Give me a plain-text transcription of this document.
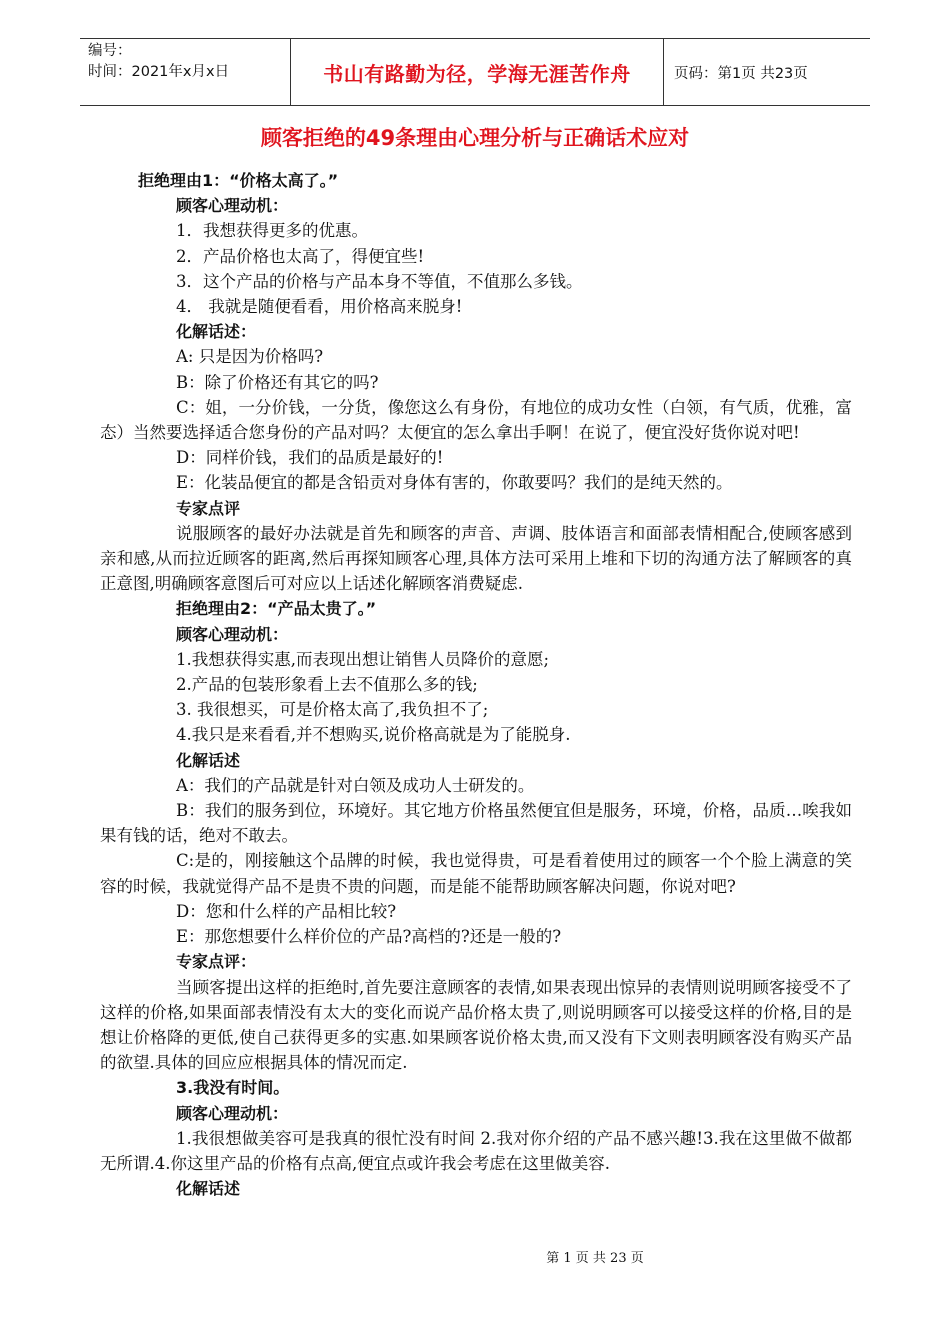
编号：
时间：2021年x月x日	书山有路勤为径，学海无涯苦作舟	页码：第1页 共23页
顾客拒绝的49条理由心理分析与正确话术应对
拒绝理由1：“价格太高了。”
顾客心理动机：
1．我想获得更多的优惠。
2．产品价格也太高了，得便宜些!
3．这个产品的价格与产品本身不等值，不值那么多钱。
4． 我就是随便看看，用价格高来脱身!
化解话述：
A: 只是因为价格吗?
B：除了价格还有其它的吗?
C：姐，一分价钱，一分货，像您这么有身份，有地位的成功女性（白领，有气质，优雅，富态）当然要选择适合您身份的产品对吗？太便宜的怎么拿出手啊！在说了，便宜没好货你说对吧!
D：同样价钱，我们的品质是最好的!
E：化装品便宜的都是含铅贡对身体有害的，你敢要吗？我们的是纯天然的。
专家点评
说服顾客的最好办法就是首先和顾客的声音、声调、肢体语言和面部表情相配合,使顾客感到亲和感,从而拉近顾客的距离,然后再探知顾客心理,具体方法可采用上堆和下切的沟通方法了解顾客的真正意图,明确顾客意图后可对应以上话述化解顾客消费疑虑.
拒绝理由2：“产品太贵了。”
顾客心理动机：
1.我想获得实惠,而表现出想让销售人员降价的意愿;
2.产品的包装形象看上去不值那么多的钱;
3. 我很想买，可是价格太高了,我负担不了;
4.我只是来看看,并不想购买,说价格高就是为了能脱身.
化解话述
A：我们的产品就是针对白领及成功人士研发的。
B：我们的服务到位，环境好。其它地方价格虽然便宜但是服务，环境，价格，品质…唉我如果有钱的话，绝对不敢去。
C:是的，刚接触这个品牌的时候，我也觉得贵，可是看着使用过的顾客一个个脸上满意的笑容的时候，我就觉得产品不是贵不贵的问题，而是能不能帮助顾客解决问题，你说对吧?
D：您和什么样的产品相比较?
E：那您想要什么样价位的产品?高档的?还是一般的?
专家点评：
当顾客提出这样的拒绝时,首先要注意顾客的表情,如果表现出惊异的表情则说明顾客接受不了这样的价格,如果面部表情没有太大的变化而说产品价格太贵了,则说明顾客可以接受这样的价格,目的是想让价格降的更低,使自己获得更多的实惠.如果顾客说价格太贵,而又没有下文则表明顾客没有购买产品的欲望.具体的回应应根据具体的情况而定.
3.我没有时间。
顾客心理动机：
1.我很想做美容可是我真的很忙没有时间 2.我对你介绍的产品不感兴趣!3.我在这里做不做都无所谓.4.你这里产品的价格有点高,便宜点或许我会考虑在这里做美容.
化解话述
第 1 页 共 23 页
